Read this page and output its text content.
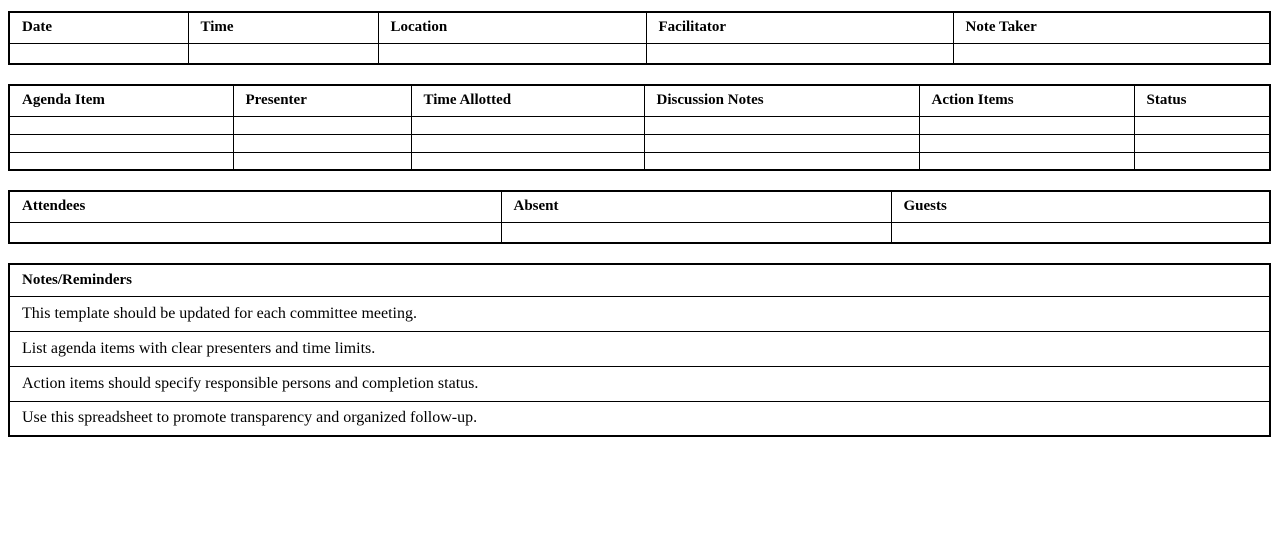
Date	Time	Location	Facilitator	Note Taker

Agenda Item	Presenter	Time Allotted	Discussion Notes	Action Items	Status

Attendees	Absent	Guests

Notes/Reminders
This template should be updated for each committee meeting.
List agenda items with clear presenters and time limits.
Action items should specify responsible persons and completion status.
Use this spreadsheet to promote transparency and organized follow-up.
